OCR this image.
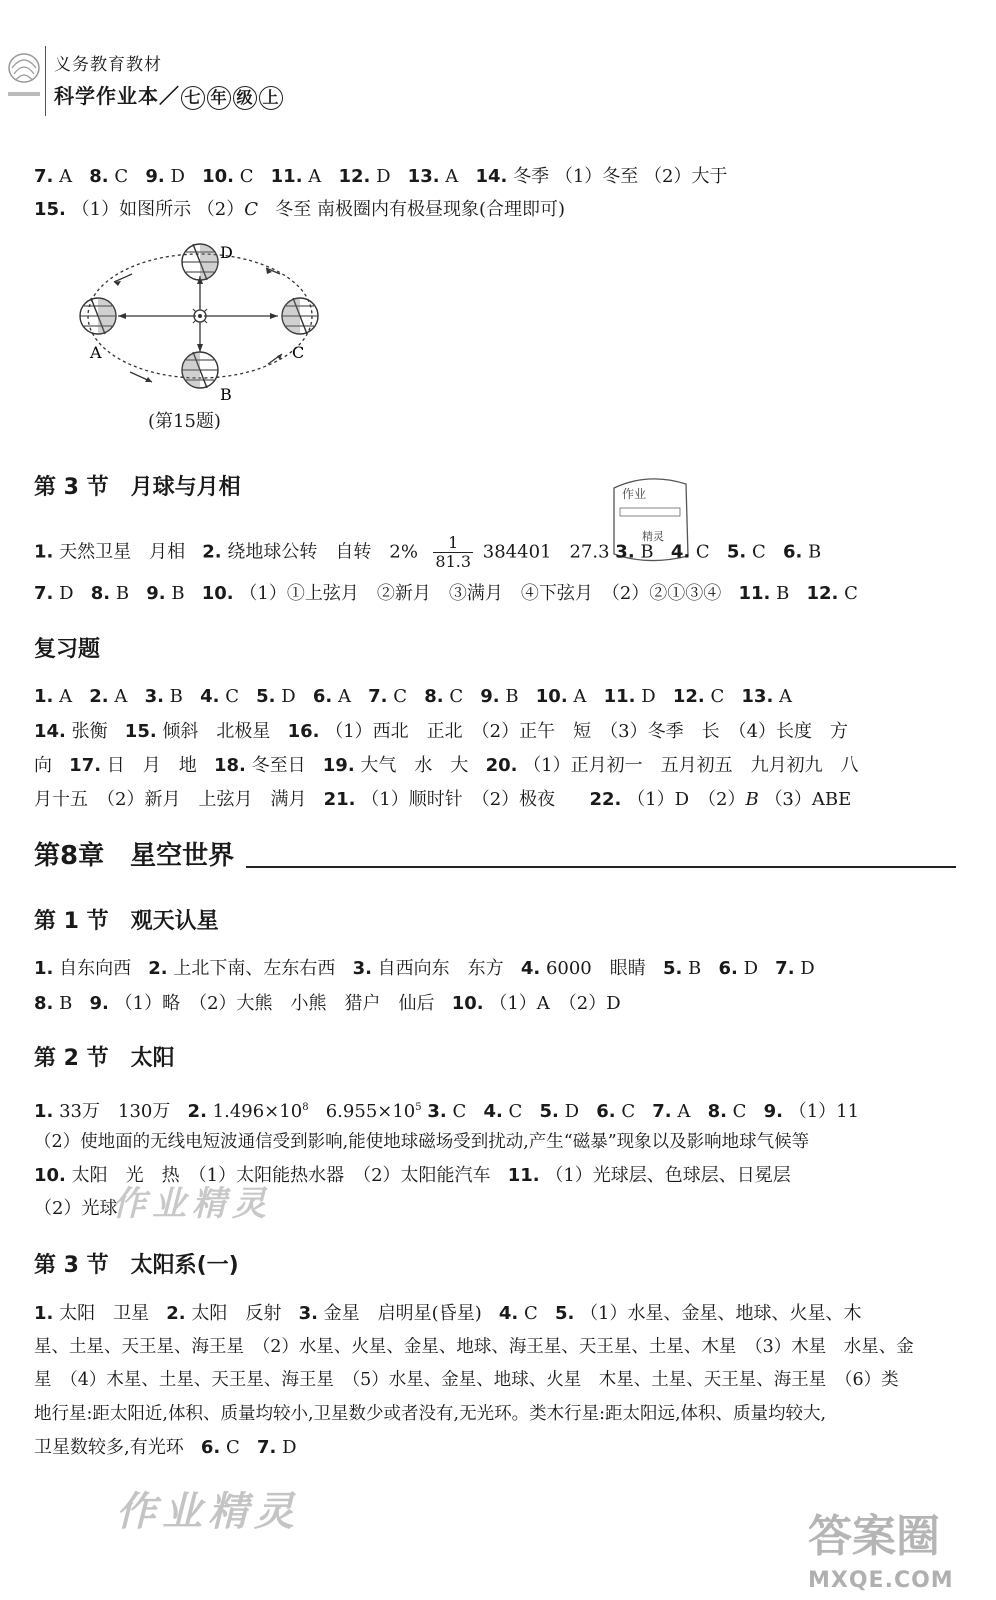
义务教育教材
科学作业本／ 七 年 级 上
7. A 8. C 9. D 10. C 11. A 12. D 13. A 14. 冬季 （1）冬至 （2）大于
15. （1）如图所示 （2）C 冬至 南极圈内有极昼现象(合理即可)
D
A	C
B
(第15题)
第 3 节　月球与月相	作业
精灵
1. 天然卫星　月相 2. 绕地球公转　自转　$2\% \frac{1}{81.3} 384401$　27.3 3. B 4. C 5. C 6. B
7. D 8. B 9. B 10. （1）①上弦月　②新月　③满月　④下弦月　（2）②①③④ 11. B 12. C
复习题
1. A 2. A 3. B 4. C 5. D 6. A 7. C 8. C 9. B 10. A 11. D 12. C 13. A
14. 张衡 15. 倾斜　北极星 16. （1）西北　正北　（2）正午　短　（3）冬季　长　（4）长度　方
向 17. 日　月　地 18. 冬至日 19. 大气　水　大 20. （1）正月初一　五月初五　九月初九　八
月十五　（2）新月　上弦月　满月 21. （1）顺时针　（2）极夜 22. （1）D　（2）B （3）ABE
第8章　星空世界
第 1 节　观天认星
1. 自东向西 2. 上北下南、左东右西 3. 自西向东　东方 4. 6000　眼睛 5. B 6. D 7. D
8. B 9. （1）略　（2）大熊　小熊　猎户　仙后 10. （1）A　（2）D
第 2 节　太阳
1. 33万　130万 2. $1.496\times 10^8$ $6.955\times 10^5$ 3. C 4. C 5. D 6. C 7. A 8. C 9. （1）11
（2）使地面的无线电短波通信受到影响,能使地球磁场受到扰动,产生“磁暴”现象以及影响地球气候等
10. 太阳　光　热　（1）太阳能热水器　（2）太阳能汽车 11. （1）光球层、色球层、日冕层
（2）光球
作业精灵
第 3 节　太阳系(一)
1. 太阳　卫星 2. 太阳　反射 3. 金星　启明星(昏星) 4. C 5. （1）水星、金星、地球、火星、木
星、土星、天王星、海王星　（2）水星、火星、金星、地球、海王星、天王星、土星、木星　（3）木星　水星、金
星　（4）木星、土星、天王星、海王星　（5）水星、金星、地球、火星　木星、土星、天王星、海王星　（6）类
地行星:距太阳近,体积、质量均较小,卫星数少或者没有,无光环。类木行星:距太阳远,体积、质量均较大,
卫星数较多,有光环 6. C 7. D
作业精灵	答案圈
MXQE.COM
